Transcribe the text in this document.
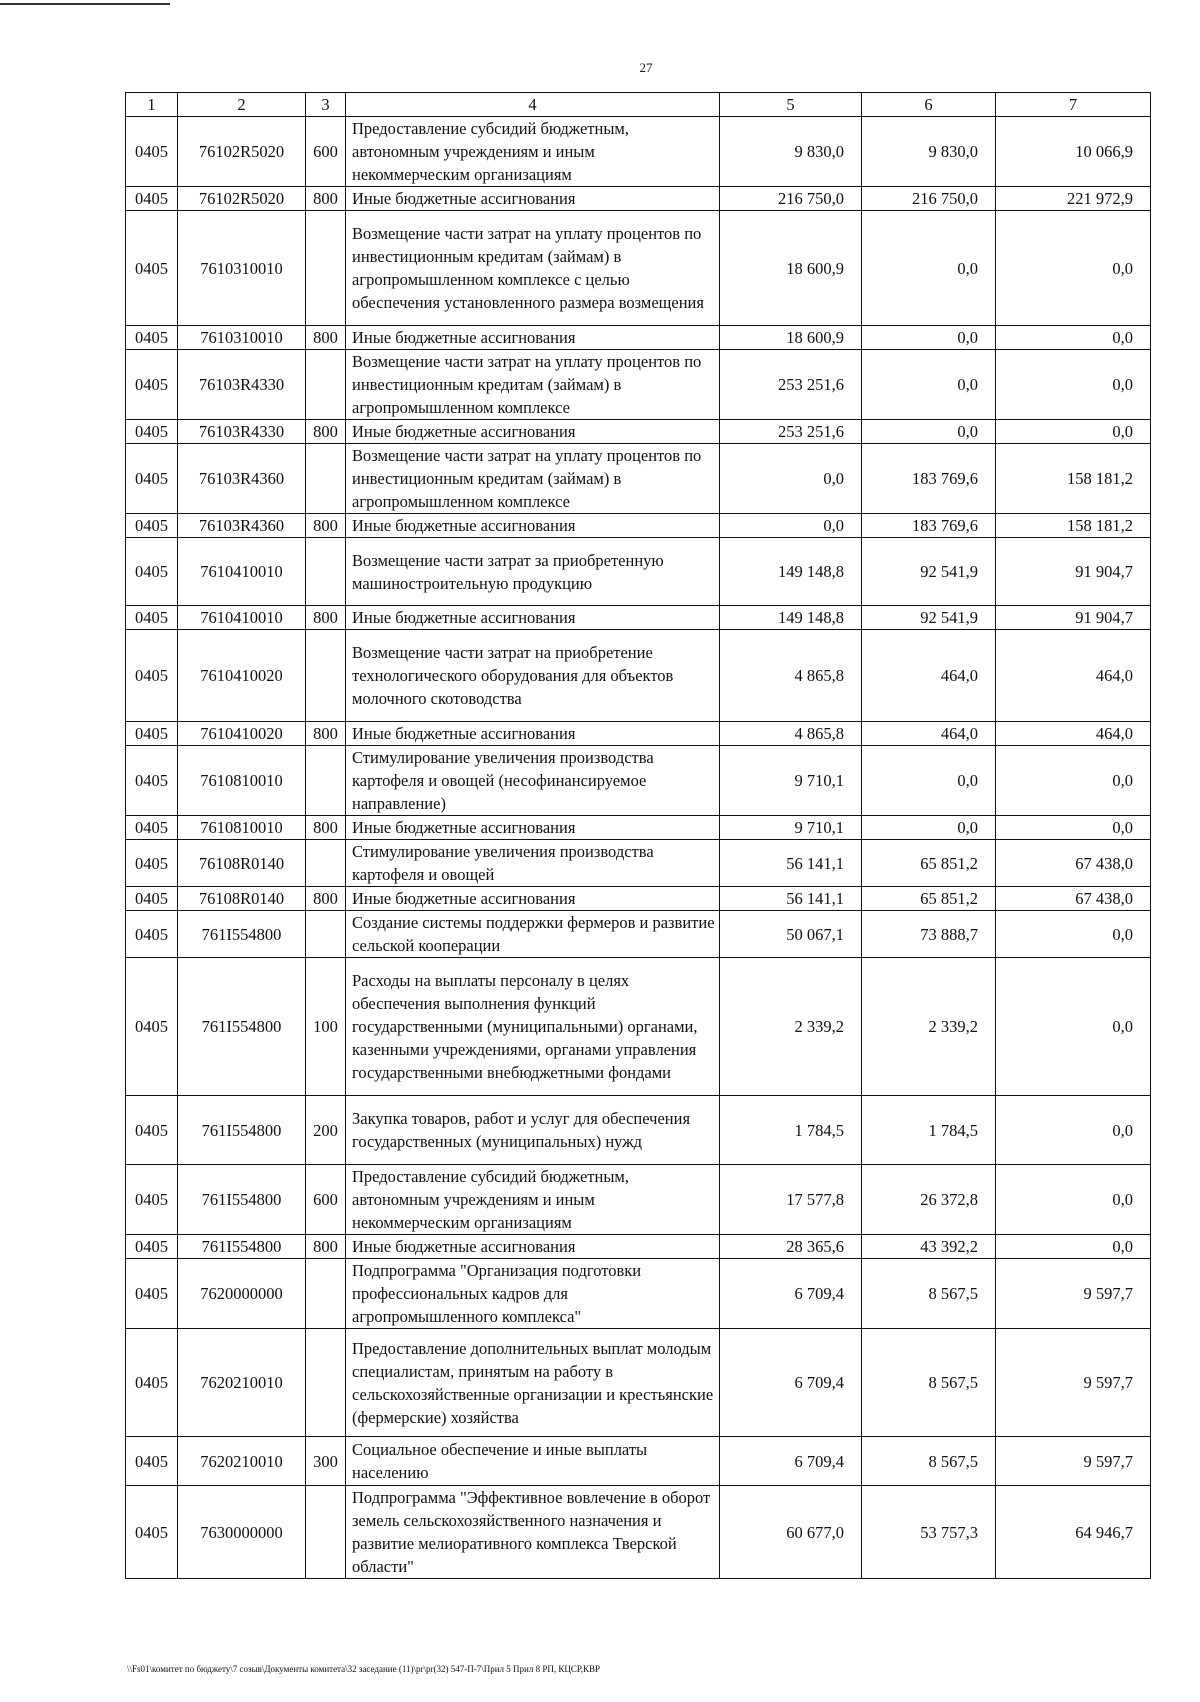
27
1	2	3	4	5	6	7
0405	76102R5020	600	Предоставление субсидий бюджетным, автономным учреждениям и иным некоммерческим организациям	9 830,0	9 830,0	10 066,9
0405	76102R5020	800	Иные бюджетные ассигнования	216 750,0	216 750,0	221 972,9
0405	7610310010		Возмещение части затрат на уплату процентов по инвестиционным кредитам (займам) в агропромышленном комплексе с целью обеспечения установленного размера возмещения	18 600,9	0,0	0,0
0405	7610310010	800	Иные бюджетные ассигнования	18 600,9	0,0	0,0
0405	76103R4330		Возмещение части затрат на уплату процентов по инвестиционным кредитам (займам) в агропромышленном комплексе	253 251,6	0,0	0,0
0405	76103R4330	800	Иные бюджетные ассигнования	253 251,6	0,0	0,0
0405	76103R4360		Возмещение части затрат на уплату процентов по инвестиционным кредитам (займам) в агропромышленном комплексе	0,0	183 769,6	158 181,2
0405	76103R4360	800	Иные бюджетные ассигнования	0,0	183 769,6	158 181,2
0405	7610410010		Возмещение части затрат за приобретенную машиностроительную продукцию	149 148,8	92 541,9	91 904,7
0405	7610410010	800	Иные бюджетные ассигнования	149 148,8	92 541,9	91 904,7
0405	7610410020		Возмещение части затрат на приобретение технологического оборудования для объектов молочного скотоводства	4 865,8	464,0	464,0
0405	7610410020	800	Иные бюджетные ассигнования	4 865,8	464,0	464,0
0405	7610810010		Стимулирование увеличения производства картофеля и овощей (несофинансируемое направление)	9 710,1	0,0	0,0
0405	7610810010	800	Иные бюджетные ассигнования	9 710,1	0,0	0,0
0405	76108R0140		Стимулирование увеличения производства картофеля и овощей	56 141,1	65 851,2	67 438,0
0405	76108R0140	800	Иные бюджетные ассигнования	56 141,1	65 851,2	67 438,0
0405	761I554800		Создание системы поддержки фермеров и развитие сельской кооперации	50 067,1	73 888,7	0,0
0405	761I554800	100	Расходы на выплаты персоналу в целях обеспечения выполнения функций государственными (муниципальными) органами, казенными учреждениями, органами управления государственными внебюджетными фондами	2 339,2	2 339,2	0,0
0405	761I554800	200	Закупка товаров, работ и услуг для обеспечения государственных (муниципальных) нужд	1 784,5	1 784,5	0,0
0405	761I554800	600	Предоставление субсидий бюджетным, автономным учреждениям и иным некоммерческим организациям	17 577,8	26 372,8	0,0
0405	761I554800	800	Иные бюджетные ассигнования	28 365,6	43 392,2	0,0
0405	7620000000		Подпрограмма "Организация подготовки профессиональных кадров для агропромышленного комплекса"	6 709,4	8 567,5	9 597,7
0405	7620210010		Предоставление дополнительных выплат молодым специалистам, принятым на работу в сельскохозяйственные организации и крестьянские (фермерские) хозяйства	6 709,4	8 567,5	9 597,7
0405	7620210010	300	Социальное обеспечение и иные выплаты населению	6 709,4	8 567,5	9 597,7
0405	7630000000		Подпрограмма "Эффективное вовлечение в оборот земель сельскохозяйственного назначения и развитие мелиоративного комплекса Тверской области"	60 677,0	53 757,3	64 946,7
\\Fs01\комитет по бюджету\7 созыв\Документы комитета\32 заседание (11)\pr\pr(32) 547-П-7\Прил 5 Прил 8 РП, КЦСР,КВР
